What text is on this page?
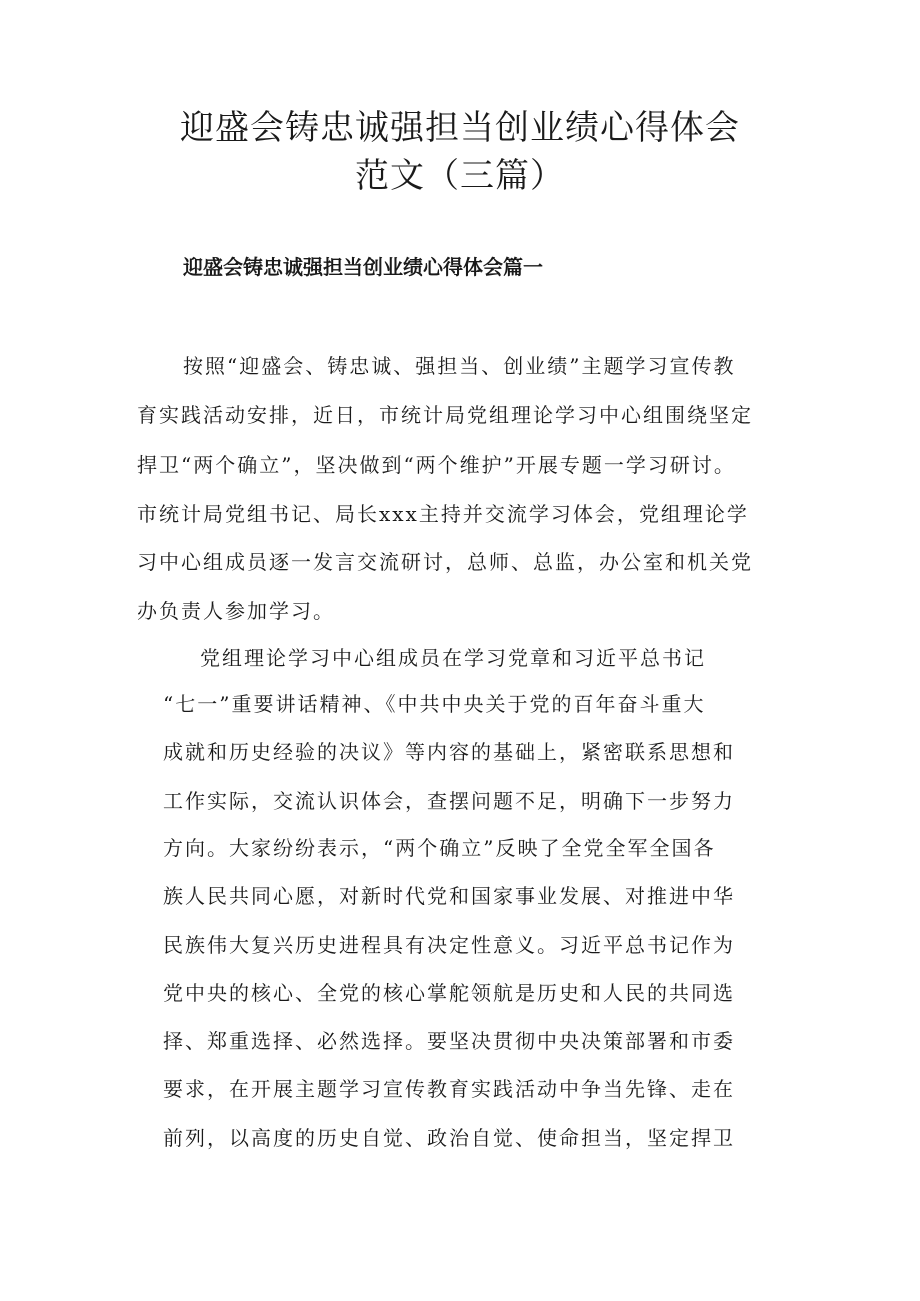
迎盛会铸忠诚强担当创业绩心得体会
范文（三篇）
迎盛会铸忠诚强担当创业绩心得体会篇一

按照“迎盛会、铸忠诚、强担当、创业绩”主题学习宣传教

育实践活动安排，近日，市统计局党组理论学习中心组围绕坚定

捍卫“两个确立”，坚决做到“两个维护”开展专题一学习研讨。

市统计局党组书记、局长xxx主持并交流学习体会，党组理论学

习中心组成员逐一发言交流研讨，总师、总监，办公室和机关党

办负责人参加学习。

党组理论学习中心组成员在学习党章和习近平总书记

“七一”重要讲话精神、《中共中央关于党的百年奋斗重大

成就和历史经验的决议》等内容的基础上，紧密联系思想和

工作实际，交流认识体会，查摆问题不足，明确下一步努力

方向。大家纷纷表示，“两个确立”反映了全党全军全国各

族人民共同心愿，对新时代党和国家事业发展、对推进中华

民族伟大复兴历史进程具有决定性意义。习近平总书记作为

党中央的核心、全党的核心掌舵领航是历史和人民的共同选

择、郑重选择、必然选择。要坚决贯彻中央决策部署和市委

要求，在开展主题学习宣传教育实践活动中争当先锋、走在

前列，以高度的历史自觉、政治自觉、使命担当，坚定捍卫
